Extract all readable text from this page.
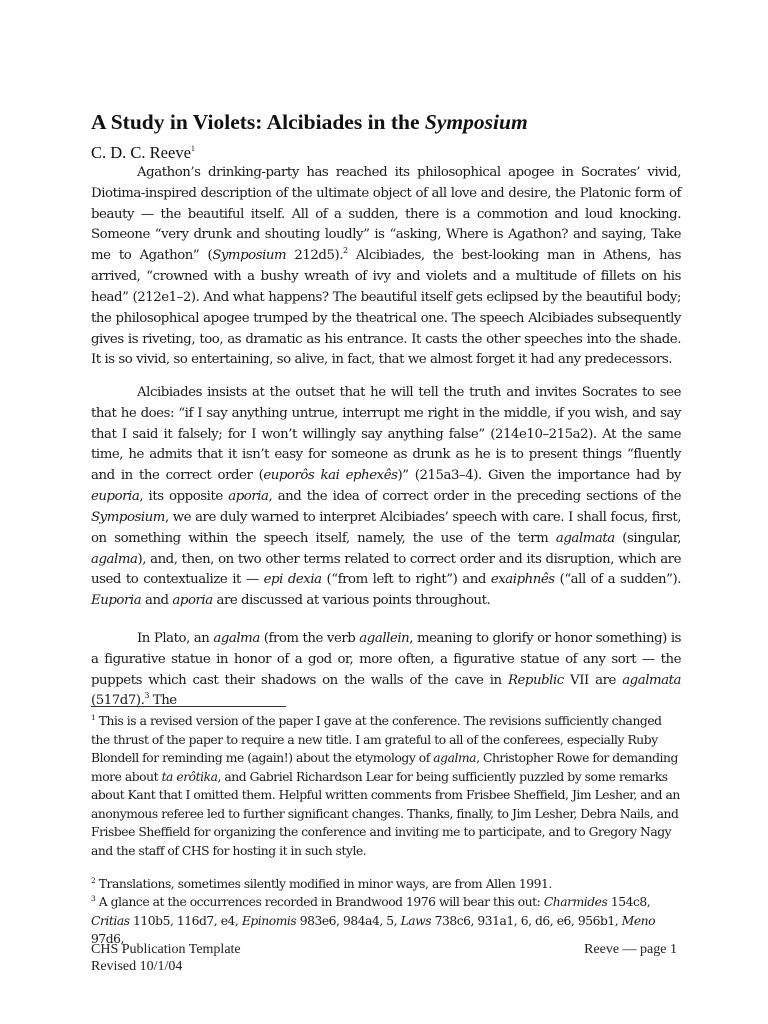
A Study in Violets: Alcibiades in the Symposium
C. D. C. Reeve$^1$
Agathon’s drinking-party has reached its philosophical apogee in Socrates’ vivid, Diotima-inspired description of the ultimate object of all love and desire, the Platonic form of beauty — the beautiful itself. All of a sudden, there is a commotion and loud knocking. Someone “very drunk and shouting loudly” is “asking, Where is Agathon? and saying, Take me to Agathon” (Symposium 212d5).$^2$ Alcibiades, the best-looking man in Athens, has arrived, “crowned with a bushy wreath of ivy and violets and a multitude of fillets on his head” (212e1–2). And what happens? The beautiful itself gets eclipsed by the beautiful body; the philosophical apogee trumped by the theatrical one. The speech Alcibiades subsequently gives is riveting, too, as dramatic as his entrance. It casts the other speeches into the shade. It is so vivid, so entertaining, so alive, in fact, that we almost forget it had any predecessors.
Alcibiades insists at the outset that he will tell the truth and invites Socrates to see that he does: “if I say anything untrue, interrupt me right in the middle, if you wish, and say that I said it falsely; for I won’t willingly say anything false” (214e10–215a2). At the same time, he admits that it isn’t easy for someone as drunk as he is to present things “fluently and in the correct order (euporôs kai ephexês)” (215a3–4). Given the importance had by euporia, its opposite aporia, and the idea of correct order in the preceding sections of the Symposium, we are duly warned to interpret Alcibiades’ speech with care. I shall focus, first, on something within the speech itself, namely, the use of the term agalmata (singular, agalma), and, then, on two other terms related to correct order and its disruption, which are used to contextualize it — epi dexia (“from left to right”) and exaiphnês (“all of a sudden”). Euporia and aporia are discussed at various points throughout.
In Plato, an agalma (from the verb agallein, meaning to glorify or honor something) is a figurative statue in honor of a god or, more often, a figurative statue of any sort — the puppets which cast their shadows on the walls of the cave in Republic VII are agalmata (517d7).$^3$ The
$^1$ This is a revised version of the paper I gave at the conference. The revisions sufficiently changed the thrust of the paper to require a new title. I am grateful to all of the conferees, especially Ruby Blondell for reminding me (again!) about the etymology of agalma, Christopher Rowe for demanding more about ta erôtika, and Gabriel Richardson Lear for being sufficiently puzzled by some remarks about Kant that I omitted them. Helpful written comments from Frisbee Sheffield, Jim Lesher, and an anonymous referee led to further significant changes. Thanks, finally, to Jim Lesher, Debra Nails, and Frisbee Sheffield for organizing the conference and inviting me to participate, and to Gregory Nagy and the staff of CHS for hosting it in such style.
$^2$ Translations, sometimes silently modified in minor ways, are from Allen 1991.
$^3$ A glance at the occurrences recorded in Brandwood 1976 will bear this out: Charmides 154c8, Critias 110b5, 116d7, e4, Epinomis 983e6, 984a4, 5, Laws 738c6, 931a1, 6, d6, e6, 956b1, Meno 97d6,
CHS Publication Template
Revised 10/1/04
Reeve — page 1
